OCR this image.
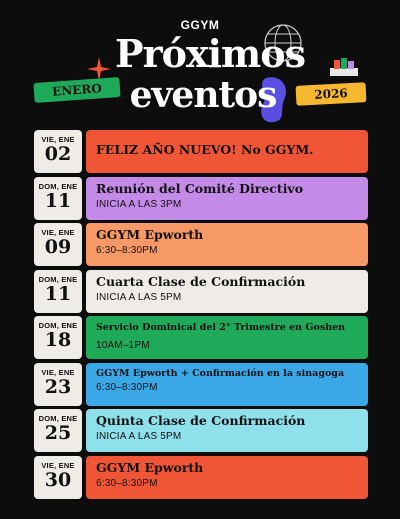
GGYM
Próximos
ENERO eventos	2026
VIE, ENE
02	FELIZ AÑO NUEVO! No GGYM.
DOM, ENE
11
Reunión del Comité Directivo
INICIA A LAS 3PM
VIE, ENE
09
GGYM Epworth
6:30–8:30PM
DOM, ENE
11
Cuarta Clase de Confirmación
INICIA A LAS 5PM
DOM, ENE
18
Servicio Dominical del 2° Trimestre en Goshen
10AM–1PM
VIE, ENE
23
GGYM Epworth + Confirmación en la sinagoga
6:30–8:30PM
DOM, ENE
25
Quinta Clase de Confirmación
INICIA A LAS 5PM
VIE, ENE
30
GGYM Epworth
6:30–8:30PM
